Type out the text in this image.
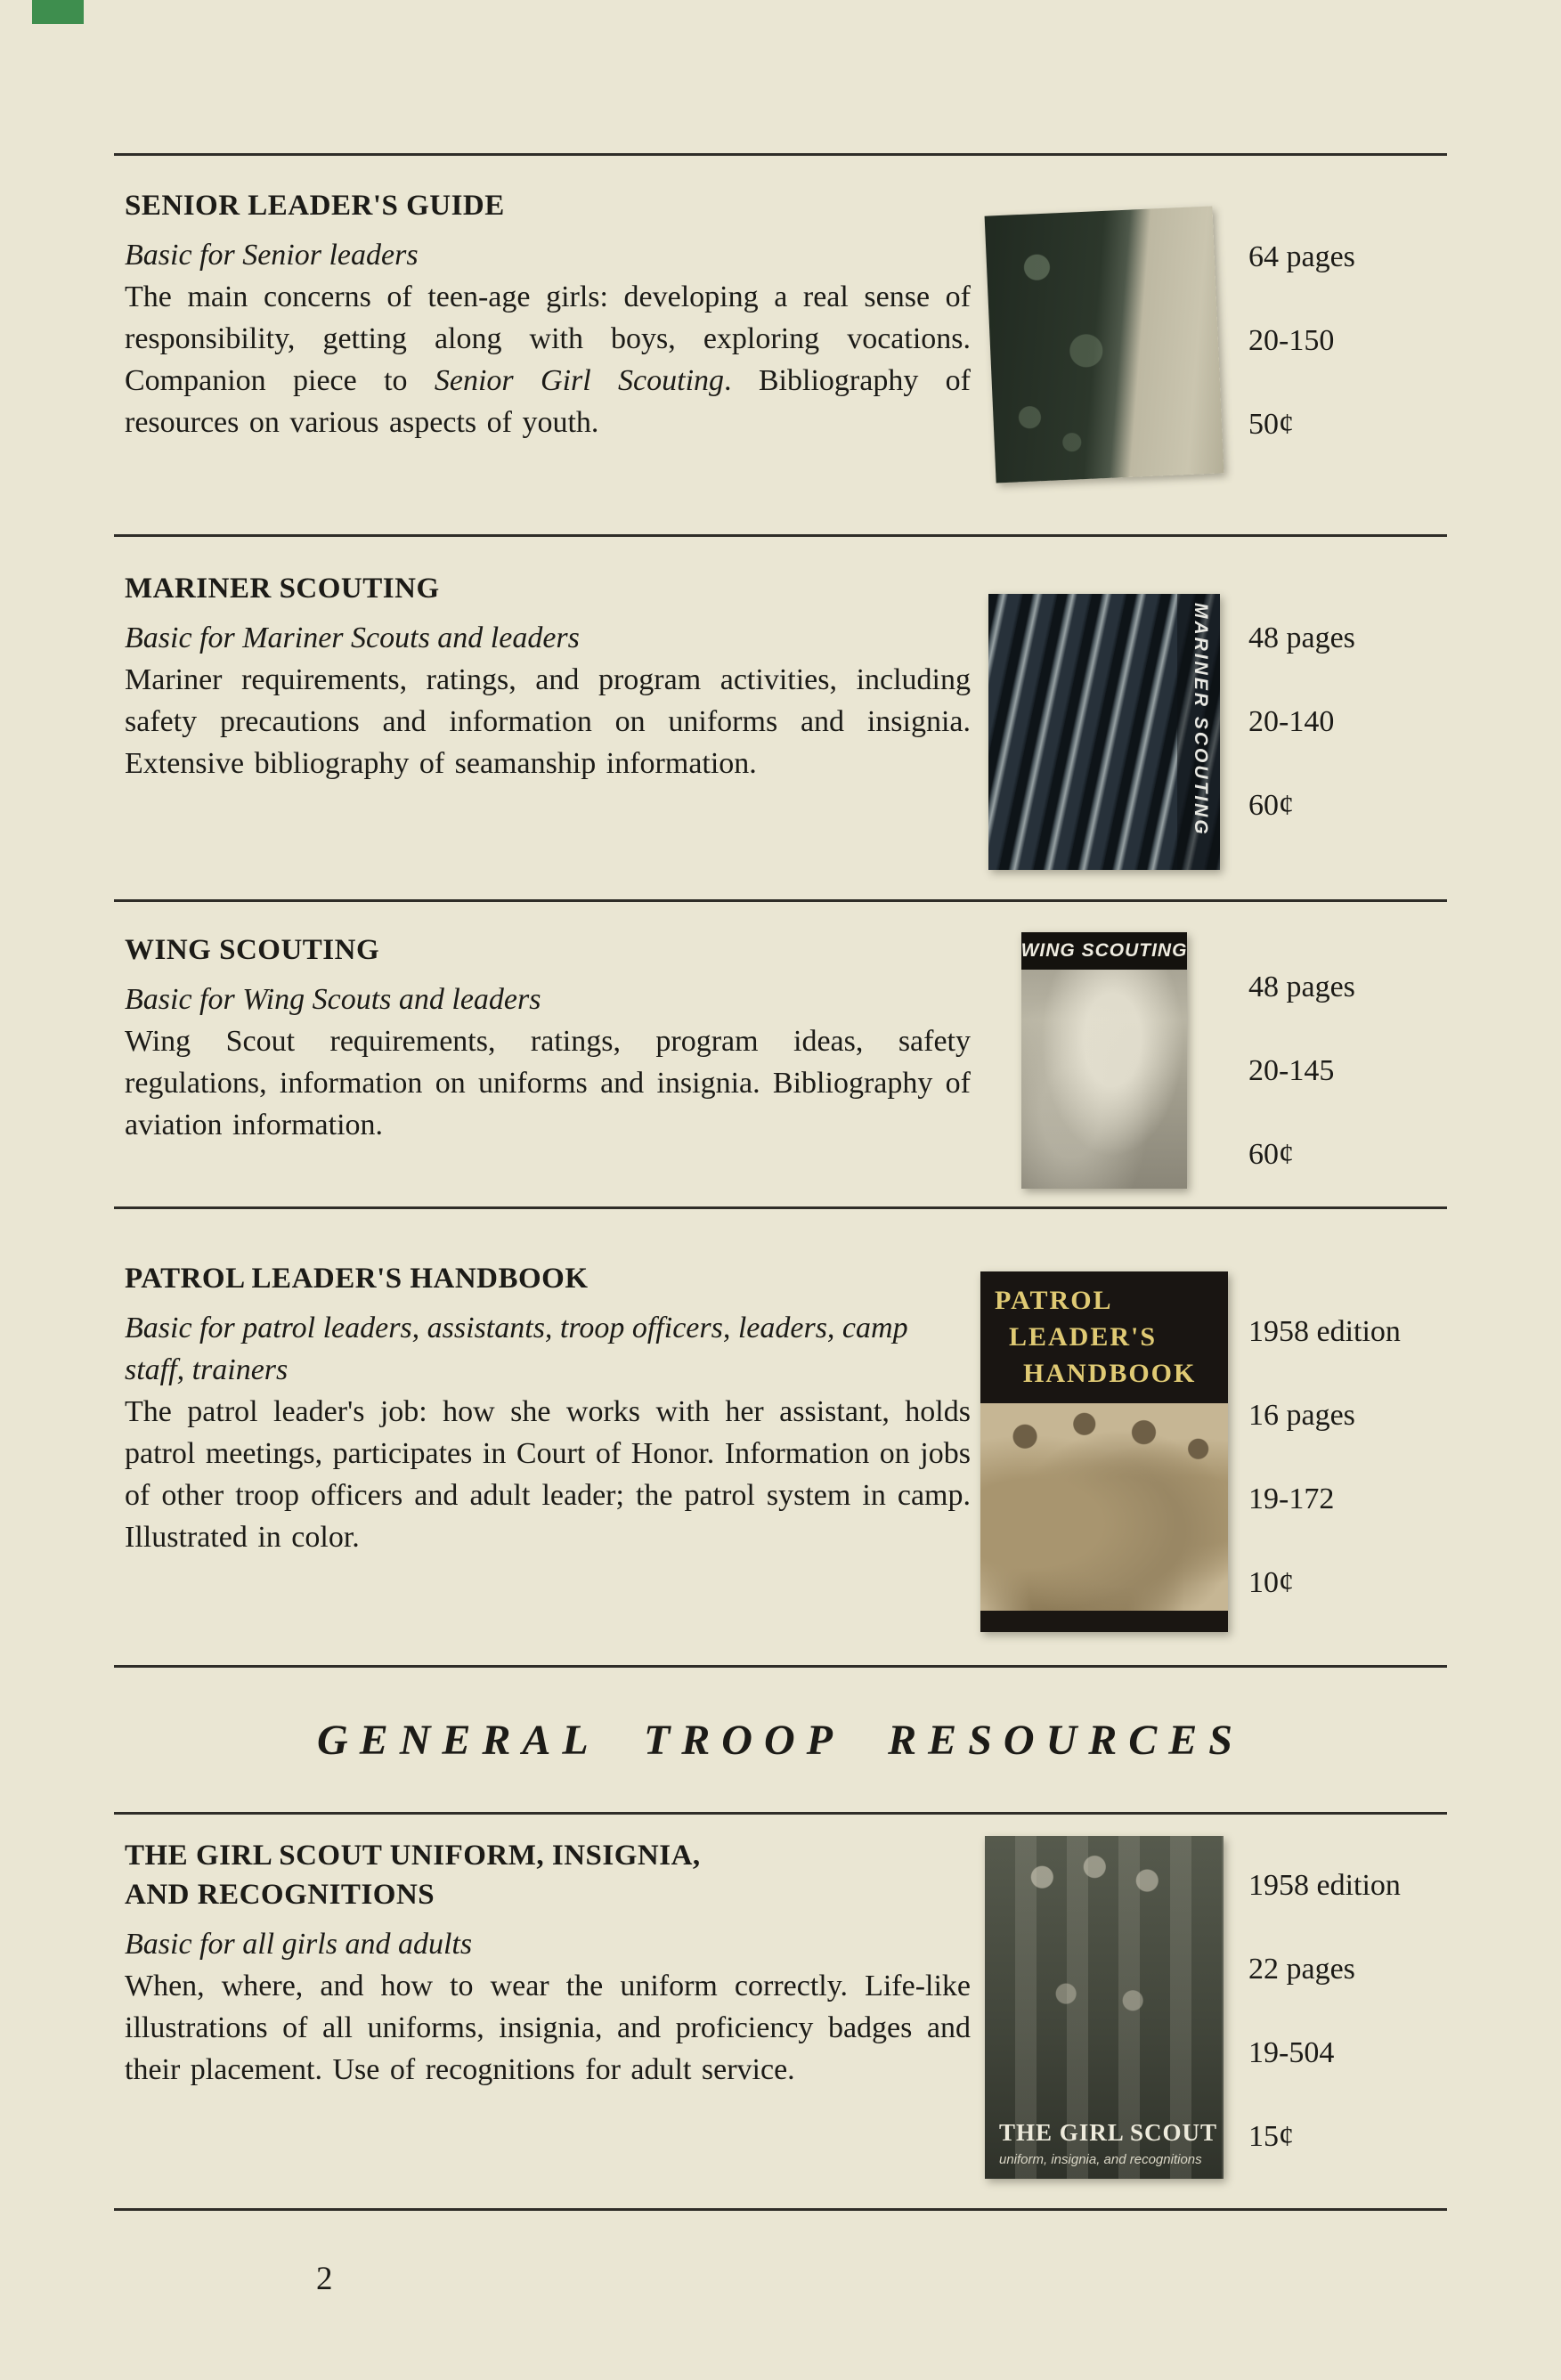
SENIOR LEADER'S GUIDE

Basic for Senior leaders

The main concerns of teen-age girls: developing a real sense of responsibility, getting along with boys, exploring vocations. Companion piece to Senior Girl Scouting. Bibliography of resources on various aspects of youth.

64 pages
20-150
50¢
MARINER SCOUTING

Basic for Mariner Scouts and leaders

Mariner requirements, ratings, and program activities, including safety precautions and information on uniforms and insignia. Extensive bibliography of seamanship information.	MARINER SCOUTING 48 pages
20-140
60¢
WING SCOUTING

Basic for Wing Scouts and leaders

Wing Scout requirements, ratings, program ideas, safety regulations, information on uniforms and insignia. Bibliography of aviation information.

WING SCOUTING
48 pages
20-145
60¢
PATROL LEADER'S HANDBOOK

Basic for patrol leaders, assistants, troop officers, leaders, camp staff, trainers

The patrol leader's job: how she works with her assistant, holds patrol meetings, participates in Court of Honor. Information on jobs of other troop officers and adult leader; the patrol system in camp. Illustrated in color.

PATROL
LEADER'S
HANDBOOK
1958 edition
16 pages
19-172
10¢
GENERAL TROOP RESOURCES
THE GIRL SCOUT UNIFORM, INSIGNIA,
AND RECOGNITIONS

Basic for all girls and adults

When, where, and how to wear the uniform correctly. Life-like illustrations of all uniforms, insignia, and proficiency badges and their placement. Use of recognitions for adult service.

THE GIRL SCOUT
uniform, insignia, and recognitions
1958 edition
22 pages
19-504
15¢
2
